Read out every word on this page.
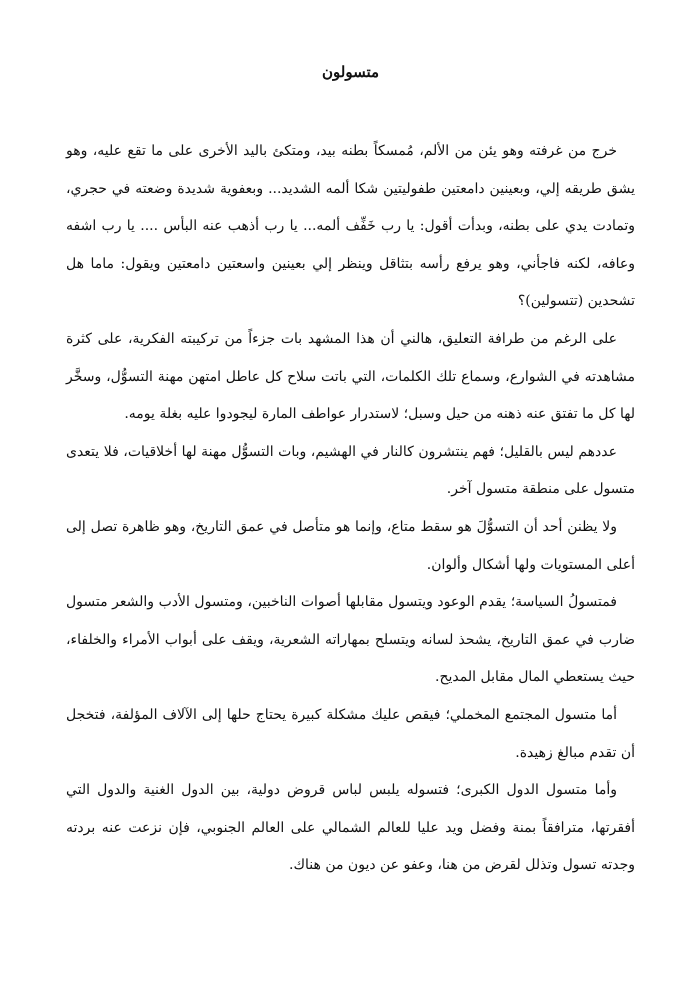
متسولون

خرج من غرفته وهو يئن من الألم، مُمسكاً بطنه بيد، ومتكئ باليد الأخرى على ما تقع عليه، وهو يشق طريقه إلي، وبعينين دامعتين طفوليتين شكا ألمه الشديد... وبعفوية شديدة وضعته في حجري، وتمادت يدي على بطنه، وبدأت أقول: يا رب خَفِّف ألمه... يا رب أذهب عنه البأس .... يا رب اشفه وعافه، لكنه فاجأني، وهو يرفع رأسه بتثاقل وينظر إلي بعينين واسعتين دامعتين ويقول: ماما هل تشحدين (تتسولين)؟

على الرغم من طرافة التعليق، هالني أن هذا المشهد بات جزءاً من تركيبته الفكرية، على كثرة مشاهدته في الشوارع، وسماع تلك الكلمات، التي باتت سلاح كل عاطل امتهن مهنة التسوُّل، وسخَّر لها كل ما تفتق عنه ذهنه من حيل وسبل؛ لاستدرار عواطف المارة ليجودوا عليه بغلة يومه.

عددهم ليس بالقليل؛ فهم ينتشرون كالنار في الهشيم، وبات التسوُّل مهنة لها أخلاقيات، فلا يتعدى متسول على منطقة متسول آخر.

ولا يظنن أحد أن التسوُّلَ هو سقط متاع، وإنما هو متأصل في عمق التاريخ، وهو ظاهرة تصل إلى أعلى المستويات ولها أشكال وألوان.

فمتسولُ السياسة؛ يقدم الوعود ويتسول مقابلها أصوات الناخبين، ومتسول الأدب والشعر متسول ضارب في عمق التاريخ، يشحذ لسانه ويتسلح بمهاراته الشعرية، ويقف على أبواب الأمراء والخلفاء، حيث يستعطي المال مقابل المديح.

أما متسول المجتمع المخملي؛ فيقص عليك مشكلة كبيرة يحتاج حلها إلى الآلاف المؤلفة، فتخجل أن تقدم مبالغ زهيدة.

وأما متسول الدول الكبرى؛ فتسوله يلبس لباس قروض دولية، بين الدول الغنية والدول التي أفقرتها، مترافقاً بمنة وفضل ويد عليا للعالم الشمالي على العالم الجنوبي، فإن نزعت عنه بردته وجدته تسول وتذلل لقرض من هنا، وعفو عن ديون من هناك.
